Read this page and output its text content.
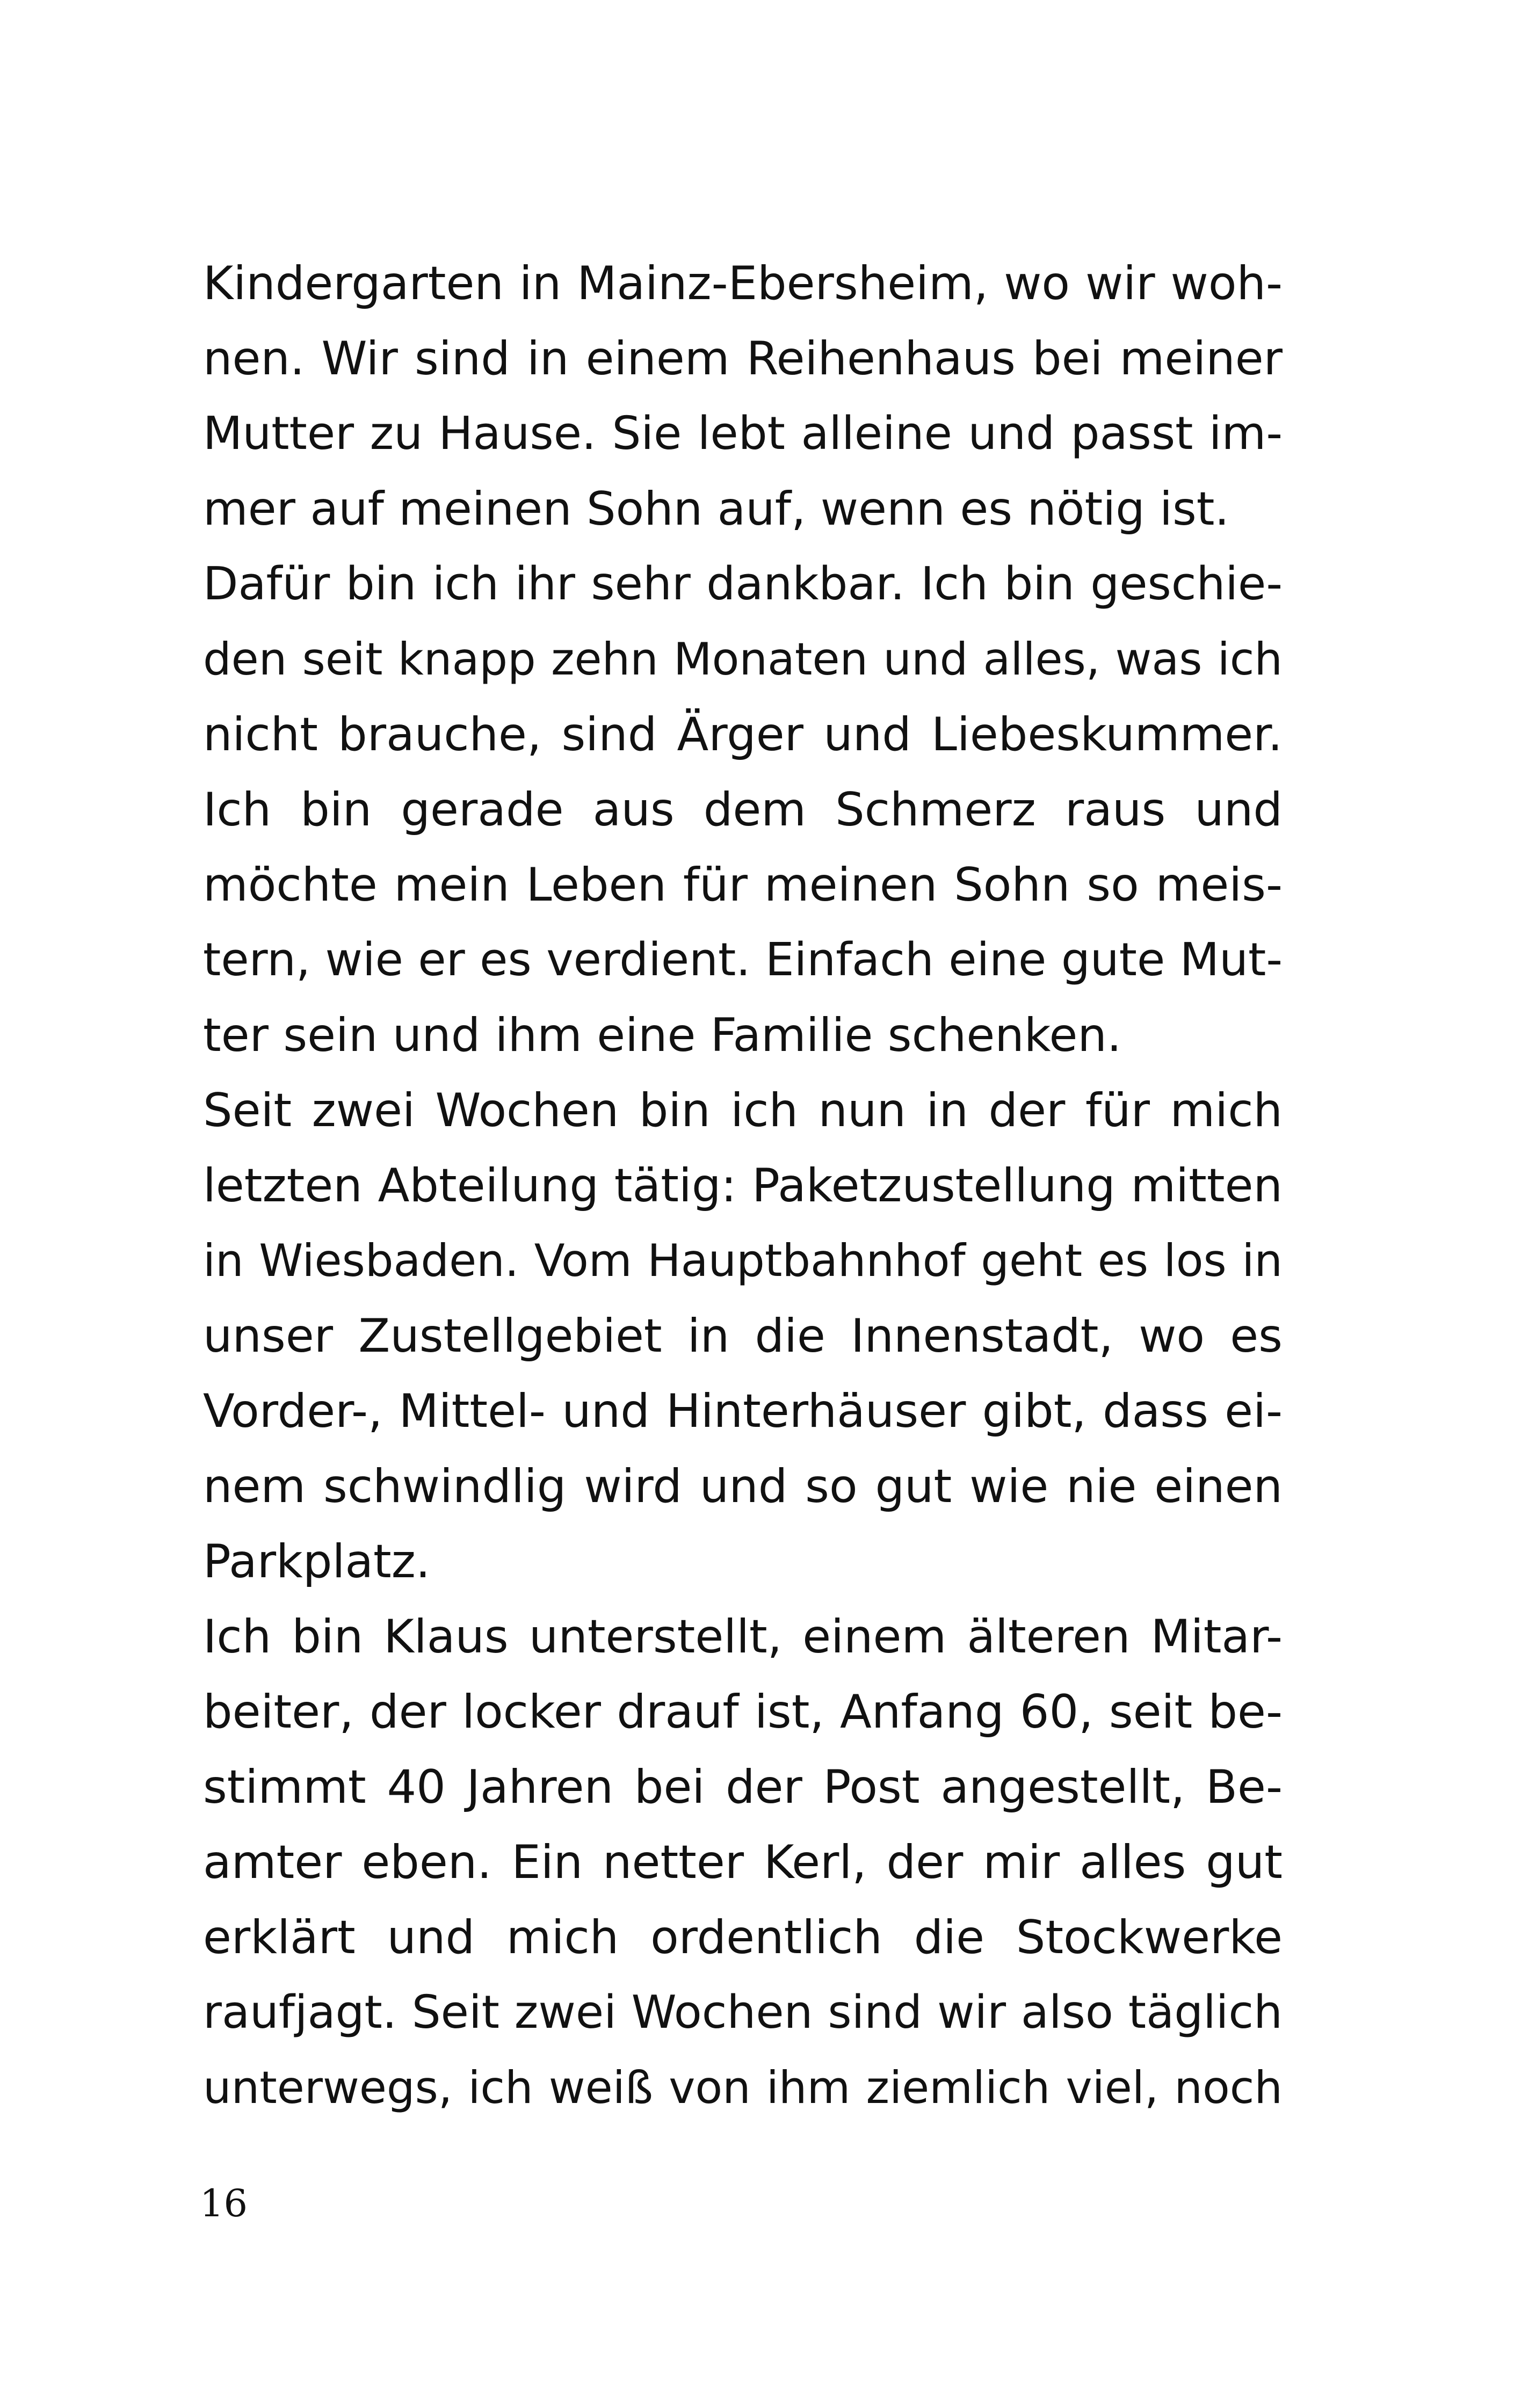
Kindergarten in Mainz-Ebersheim, wo wir woh-
nen. Wir sind in einem Reihenhaus bei meiner
Mutter zu Hause. Sie lebt alleine und passt im-
mer auf meinen Sohn auf, wenn es nötig ist.
Dafür bin ich ihr sehr dankbar. Ich bin geschie-
den seit knapp zehn Monaten und alles, was ich
nicht brauche, sind Ärger und Liebeskummer.
Ich bin gerade aus dem Schmerz raus und
möchte mein Leben für meinen Sohn so meis-
tern, wie er es verdient. Einfach eine gute Mut-
ter sein und ihm eine Familie schenken.
Seit zwei Wochen bin ich nun in der für mich
letzten Abteilung tätig: Paketzustellung mitten
in Wiesbaden. Vom Hauptbahnhof geht es los in
unser Zustellgebiet in die Innenstadt, wo es
Vorder-, Mittel- und Hinterhäuser gibt, dass ei-
nem schwindlig wird und so gut wie nie einen
Parkplatz.
Ich bin Klaus unterstellt, einem älteren Mitar-
beiter, der locker drauf ist, Anfang 60, seit be-
stimmt 40 Jahren bei der Post angestellt, Be-
amter eben. Ein netter Kerl, der mir alles gut
erklärt und mich ordentlich die Stockwerke
raufjagt. Seit zwei Wochen sind wir also täglich
unterwegs, ich weiß von ihm ziemlich viel, noch
16
